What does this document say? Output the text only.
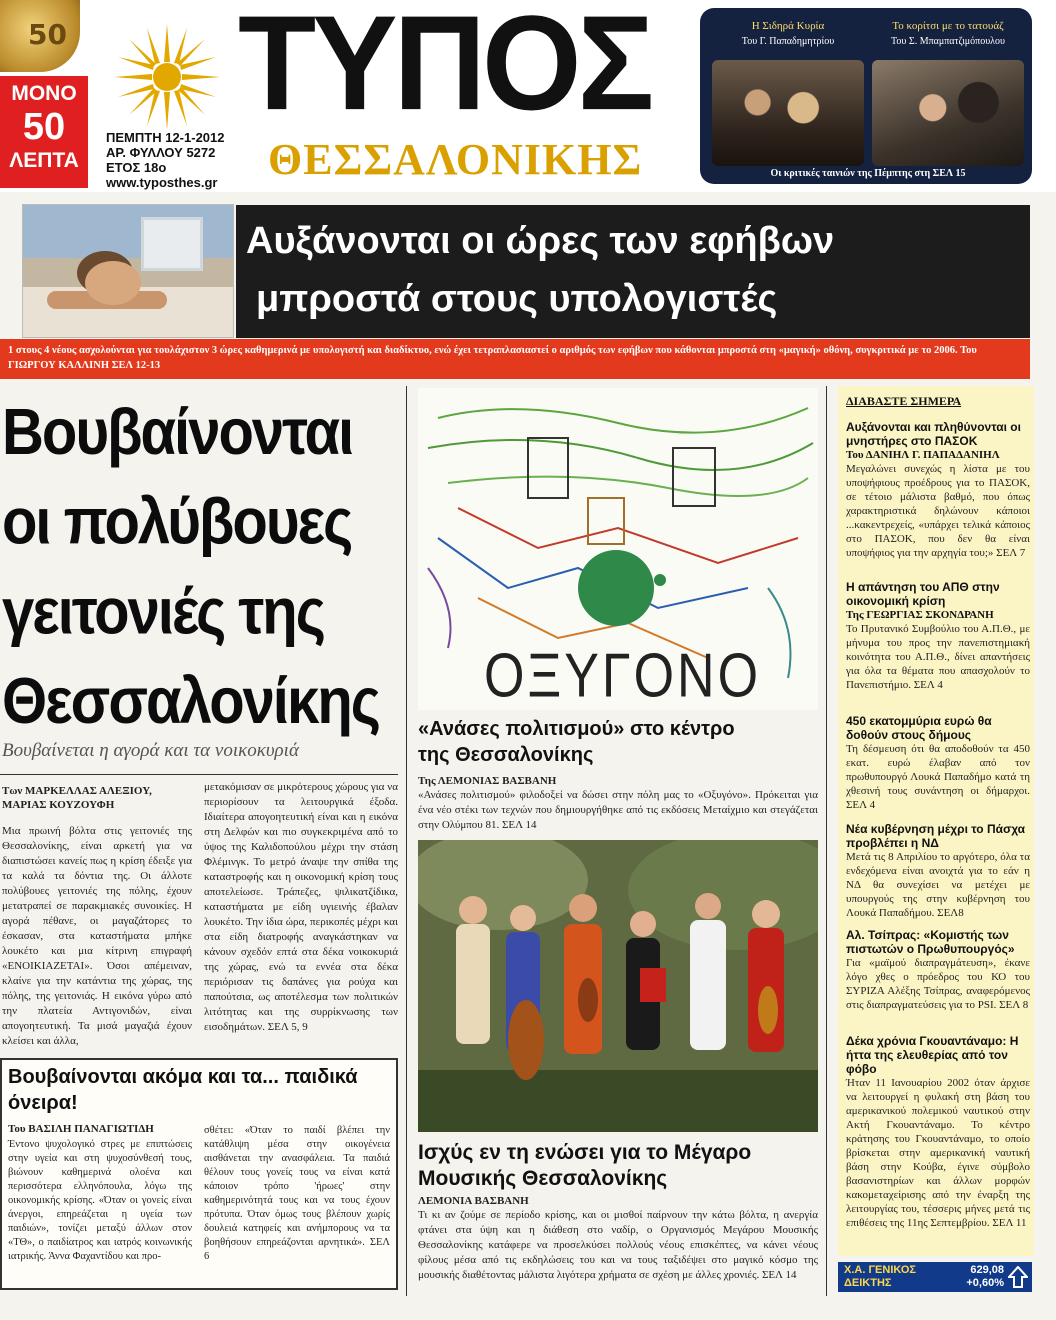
50
ΜΟΝΟ
50
ΛΕΠΤΑ
ΠΕΜΠΤΗ 12-1-2012
ΑΡ. ΦΥΛΛΟΥ 5272
ΕΤΟΣ 18ο
www.typosthes.gr
ΤΥΠΟΣ
ΘΕΣΣΑΛΟΝΙΚΗΣ
Η Σιδηρά Κυρία
Του Γ. Παπαδημητρίου
Το κορίτσι με το τατουάζ
Του Σ. Μπαμπατζιμόπουλου
Οι κριτικές ταινιών της Πέμπτης στη ΣΕΛ 15
Αυξάνονται οι ώρες των εφήβων
μπροστά στους υπολογιστές
1 στους 4 νέους ασχολούνται για τουλάχιστον 3 ώρες καθημερινά με υπολογιστή και διαδίκτυο, ενώ έχει τετραπλασιαστεί ο αριθμός των εφήβων που κάθονται μπροστά στη «μαγική» οθόνη, συγκριτικά με το 2006. Του ΓΙΩΡΓΟΥ ΚΑΛΛΙΝΗ ΣΕΛ 12-13
Βουβαίνονται
οι πολύβουες
γειτονιές της
Θεσσαλονίκης
Βουβαίνεται η αγορά και τα νοικοκυριά
Των ΜΑΡΚΕΛΛΑΣ ΑΛΕΞΙΟΥ,
ΜΑΡΙΑΣ ΚΟΥΖΟΥΦΗ
Μια πρωινή βόλτα στις γειτονιές της Θεσσαλονίκης, είναι αρκετή για να διαπιστώσει κανείς πως η κρίση έδειξε για τα καλά τα δόντια της. Οι άλλοτε πολύβουες γειτονιές της πόλης, έχουν μετατραπεί σε παρακμιακές συνοικίες. Η αγορά πέθανε, οι μαγαζάτορες το έσκασαν, στα καταστήματα μπήκε λουκέτο και μια κίτρινη επιγραφή «ΕΝΟΙΚΙΑΖΕΤΑΙ». Όσοι απέμειναν, κλαίνε για την κατάντια της χώρας, της πόλης, της γειτονιάς. Η εικόνα γύρω από την πλατεία Αντιγονιδών, είναι απογοητευτική. Τα μισά μαγαζιά έχουν κλείσει και άλλα,
μετακόμισαν σε μικρότερους χώρους για να περιορίσουν τα λειτουργικά έξοδα. Ιδιαίτερα απογοητευτική είναι και η εικόνα στη Δελφών και πιο συγκεκριμένα από το ύψος της Καλιδοπούλου μέχρι την στάση Φλέμινγκ. Το μετρό άναψε την σπίθα της καταστροφής και η οικονομική κρίση τους αποτελείωσε. Τράπεζες, ψιλικατζίδικα, καταστήματα με είδη υγιεινής έβαλαν λουκέτο. Την ίδια ώρα, περικοπές μέχρι και στα είδη διατροφής αναγκάστηκαν να κάνουν σχεδόν επτά στα δέκα νοικοκυριά της χώρας, ενώ τα εννέα στα δέκα περιόρισαν τις δαπάνες για ρούχα και παπούτσια, ως αποτέλεσμα των πολιτικών λιτότητας και της συρρίκνωσης των εισοδημάτων. ΣΕΛ 5, 9
Βουβαίνονται ακόμα και τα... παιδικά όνειρα!
Του ΒΑΣΙΛΗ ΠΑΝΑΓΙΩΤΙΔΗ
Έντονο ψυχολογικό στρες με επιπτώσεις στην υγεία και στη ψυχοσύνθεσή τους, βιώνουν καθημερινά ολοένα και περισσότερα ελληνόπουλα, λόγω της οικονομικής κρίσης. «Όταν οι γονείς είναι άνεργοι, επηρεάζεται η υγεία των παιδιών», τονίζει μεταξύ άλλων στον «ΤΘ», ο παιδίατρος και ιατρός κοινωνικής ιατρικής. Άννα Φαχαντίδου και προ-
σθέτει: «Όταν το παιδί βλέπει την κατάθλιψη μέσα στην οικογένεια αισθάνεται την ανασφάλεια. Τα παιδιά θέλουν τους γονείς τους να είναι κατά κάποιον τρόπο 'ήρωες' στην καθημερινότητά τους και να τους έχουν πρότυπα. Όταν όμως τους βλέπουν χωρίς δουλειά κατηφείς και ανήμπορους να τα βοηθήσουν επηρεάζονται αρνητικά». ΣΕΛ 6
ΟΞΥΓΟΝΟ
«Ανάσες πολιτισμού» στο κέντρο
της Θεσσαλονίκης
Της ΛΕΜΟΝΙΑΣ ΒΑΣΒΑΝΗ
«Ανάσες πολιτισμού» φιλοδοξεί να δώσει στην πόλη μας το «Οξυγόνο». Πρόκειται για ένα νέο στέκι των τεχνών που δημιουργήθηκε από τις εκδόσεις Μεταίχμιο και στεγάζεται στην Ολύμπου 81. ΣΕΛ 14
Ισχύς εν τη ενώσει για το Μέγαρο
Μουσικής Θεσσαλονίκης
ΛΕΜΟΝΙΑ ΒΑΣΒΑΝΗ
Τι κι αν ζούμε σε περίοδο κρίσης, και οι μισθοί παίρνουν την κάτω βόλτα, η ανεργία φτάνει στα ύψη και η διάθεση στο ναδίρ, ο Οργανισμός Μεγάρου Μουσικής Θεσσαλονίκης κατάφερε να προσελκύσει πολλούς νέους επισκέπτες, να κάνει νέους φίλους μέσα από τις εκδηλώσεις του και να τους ταξιδέψει στο μαγικό κόσμο της μουσικής διαθέτοντας μάλιστα λιγότερα χρήματα σε σχέση με άλλες χρονιές. ΣΕΛ 14
ΔΙΑΒΑΣΤΕ ΣΗΜΕΡΑ
Αυξάνονται και πληθύνονται οι μνηστήρες στο ΠΑΣΟΚ
Του ΔΑΝΙΗΛ Γ. ΠΑΠΑΔΑΝΙΗΛ
Μεγαλώνει συνεχώς η λίστα με του υποψήφιους προέδρους για το ΠΑΣΟΚ, σε τέτοιο μάλιστα βαθμό, που όπως χαρακτηριστικά δηλώνουν κάποιοι ...κακεντρεχείς, «υπάρχει τελικά κάποιος στο ΠΑΣΟΚ, που δεν θα είναι υποψήφιος για την αρχηγία του;» ΣΕΛ 7
Η απάντηση του ΑΠΘ στην οικονομική κρίση
Της ΓΕΩΡΓΙΑΣ ΣΚΟΝΔΡΑΝΗ
Το Πρυτανικό Συμβούλιο του Α.Π.Θ., με μήνυμα του προς την πανεπιστημιακή κοινότητα του Α.Π.Θ., δίνει απαντήσεις για όλα τα θέματα που απασχολούν το Πανεπιστήμιο. ΣΕΛ 4
450 εκατομμύρια ευρώ θα δοθούν στους δήμους
Τη δέσμευση ότι θα αποδοθούν τα 450 εκατ. ευρώ έλαβαν από τον πρωθυπουργό Λουκά Παπαδήμο κατά τη χθεσινή τους συνάντηση οι δήμαρχοι. ΣΕΛ 4
Νέα κυβέρνηση μέχρι το Πάσχα προβλέπει η ΝΔ
Μετά τις 8 Απριλίου το αργότερο, όλα τα ενδεχόμενα είναι ανοιχτά για το εάν η ΝΔ θα συνεχίσει να μετέχει με υπουργούς της στην κυβέρνηση του Λουκά Παπαδήμου. ΣΕΛ8
Αλ. Τσίπρας: «Κομιστής των πιστωτών ο Πρωθυπουργός»
Για «μαϊμού διαπραγμάτευση», έκανε λόγο χθες ο πρόεδρος του ΚΟ του ΣΥΡΙΖΑ Αλέξης Τσίπρας, αναφερόμενος στις διαπραγματεύσεις για το PSI. ΣΕΛ 8
Δέκα χρόνια Γκουαντάναμο: Η ήττα της ελευθερίας από τον φόβο
Ήταν 11 Ιανουαρίου 2002 όταν άρχισε να λειτουργεί η φυλακή στη βάση του αμερικανικού πολεμικού ναυτικού στην Ακτή Γκουαντάναμο. Το κέντρο κράτησης του Γκουαντάναμο, το οποίο βρίσκεται στην αμερικανική ναυτική βάση στην Κούβα, έγινε σύμβολο βασανιστηρίων και άλλων μορφών κακομεταχείρισης από την έναρξη της λειτουργίας του, τέσσερις μήνες μετά τις επιθέσεις της 11ης Σεπτεμβρίου. ΣΕΛ 11
Χ.Α. ΓΕΝΙΚΟΣ
ΔΕΙΚΤΗΣ
629,08
+0,60%
